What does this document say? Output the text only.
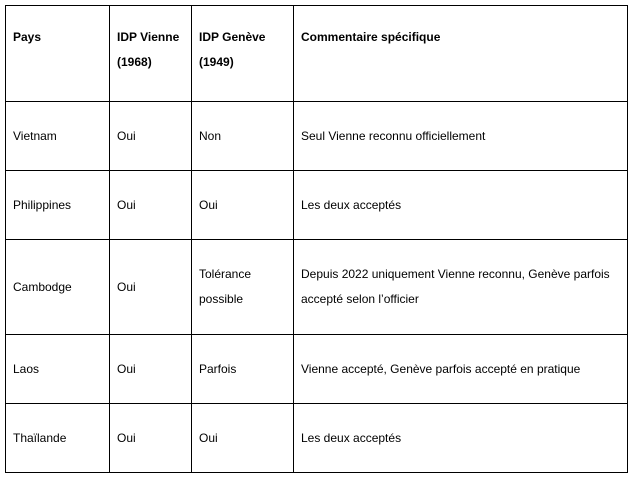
Pays	IDP Vienne (1968)	IDP Genève (1949)	Commentaire spécifique
Vietnam	Oui	Non	Seul Vienne reconnu officiellement
Philippines	Oui	Oui	Les deux acceptés
Cambodge	Oui	Tolérance possible	Depuis 2022 uniquement Vienne reconnu, Genève parfois accepté selon l’officier
Laos	Oui	Parfois	Vienne accepté, Genève parfois accepté en pratique
Thaïlande	Oui	Oui	Les deux acceptés
